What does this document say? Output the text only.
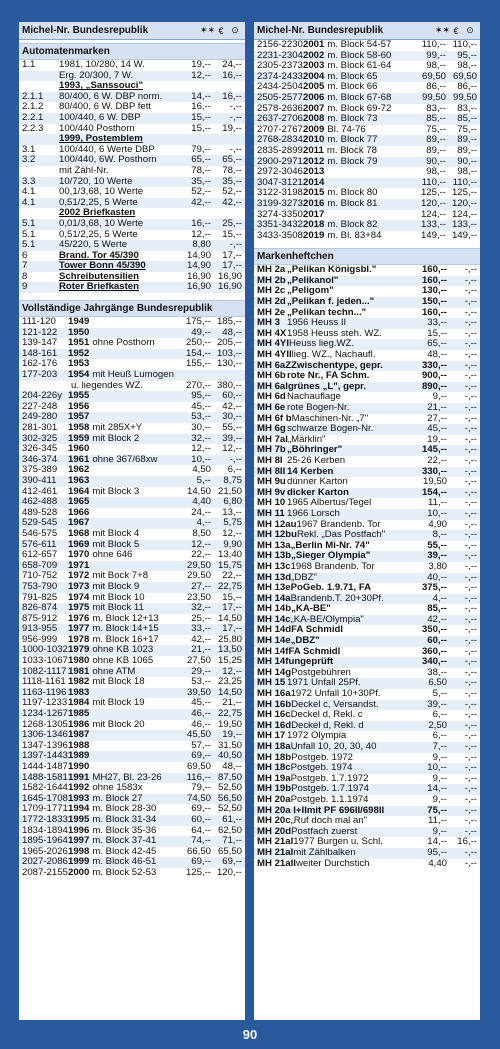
Michel-Nr. Bundesrepublik	✶✶ € ⊙
Automatenmarken
1.1	1981, 10/280, 14 W.	19,--	24,--
Erg. 20/300, 7 W.	12,--	16,--
1993, „Sanssouci"
2.1.1	80/400, 6 W. DBP norm.	14,--	16,--
2.1.2	80/400, 6 W. DBP fett	16,--	-,--
2.2.1	100/440, 6 W. DBP	15,--	-,--
2.2.3	100/440 Posthorn	15,--	19,--
1999, Postemblem
3.1	100/440, 6 Werte DBP	79,--	-,--
3.2	100/440, 6W. Posthorn	65,--	65,--
mit Zähl-Nr.	78,--	78,--
3.3	10/720, 10 Werte	35,--	35,--
4.1	00,1/3,68, 10 Werte	52,--	52,--
4.1	0,51/2,25, 5 Werte	42,--	42,--
2002 Briefkasten
5.1	0,01/3,68, 10 Werte	16,--	25,--
5.1	0,51/2,25, 5 Werte	12,--	15,--
5.1	45/220, 5 Werte	8,80	-,--
6	Brand. Tor 45/390	14,90	17,--
7	Tower Bonn 45/390	14,90	17,--
8	Schreibutensilien	16,90 16,90
9	Roter Briefkasten	16,90 16,90
Vollständige Jahrgänge Bundesrepublik
111-120	1949	175,-- 185,--
121-122	1950	49,--	48,--
139-147	1951 ohne Posthorn	250,-- 205,--
148-161	1952	154,-- 103,--
162-176	1953	155,-- 130,--
177-203	1954 mit Heuß Lumogen
u. liegendes WZ.	270,-- 380,--
204-226y 1955	95,--	60,--
227-248	1956	45,--	42,--
249-280	1957	53,--	30,--
281-301	1958 mit 285X+Y	30,--	55,--
302-325	1959 mit Block 2	32,--	39,--
326-345	1960	12,--	12,--
346-374	1961 ohne 367/68xw	10,--	-,--
375-389	1962	4,50	6,--
390-411	1963	5,--	8,75
412-461	1964 mit Block 3	14,50 21,50
462-488	1965	4,40	6,80
489-528	1966	24,--	13,--
529-545	1967	4,--	5,75
546-575	1968 mit Block 4	8,50	12,--
576-611	1969 mit Block 5	12,--	9,90
612-657	1970 ohne 646	22,-- 13,40
658-709	1971	29,50 15,75
710-752	1972 mit Bock 7+8	29,50	22,--
753-790	1973 mit Block 9	27,-- 22,75
791-825	1974 mit Block 10	23,50	15,--
826-874	1975 mit Block 11	32,--	17,--
875-912	1976 m. Block 12+13	25,-- 14,50
913-955	1977 m. Block 14+15	33,--	17,--
956-999	1978 m. Block 16+17	42,-- 25,80
1000-1032 1979 ohne KB 1023	21,-- 13,50
1033-1067 1980 ohne KB 1065	27,50 15,25
1082-1117 1981 ohne ATM	29,--	12,--
1118-1161 1982 mit Block 18	53,-- 23,25
1163-1196 1983	39,50 14,50
1197-1233 1984 mit Block 19	45,--	21,--
1234-1267 1985	46,-- 22,75
1268-1305 1986 mit Block 20	46,-- 19,50
1306-1346 1987	45,50	19,--
1347-1396 1988	57,-- 31,50
1397-1443 1989	69,-- 40,50
1444-1487 1990	69,50	48,--
1488-1581 1991 MH27, Bl. 23-26	116,-- 87,50
1582-1644 1992 ohne 1583x	79,-- 52,50
1645-1708 1993 m. Block 27	74,50 56,50
1709-1771 1994 m. Block 28-30	69,-- 52,50
1772-1833 1995 m. Block 31-34	60,--	61,--
1834-1894 1996 m. Block 35-36	64,-- 62,50
1895-1964 1997 m. Block 37-41	74,--	71,--
1965-2026 1998 m. Block 42-45	66,50 65,50
2027-2086 1999 m. Block 46-51	69,--	69,--
2087-2155 2000 m. Block 52-53	125,-- 120,--
Michel-Nr. Bundesrepublik	✶✶ € ⊙
2156-2230 2001 m. Block 54-57	110,-- 110,--
2231-2304 2002 m. Block 58-60	99,--	95,--
2305-2373 2003 m. Block 61-64	98,--	98,--
2374-2433 2004 m. Block 65	69,50 69,50
2434-2504 2005 m. Block 66	86,--	86,--
2505-2577 2006 m. Block 67-68	99,50 99,50
2578-2636 2007 m. Block 69-72	83,--	83,--
2637-2706 2008 m. Block 73	85,--	85,--
2707-2767 2009 Bl. 74-76	75,--	75,--
2768-2834 2010 m. Block 77	89,--	89,--
2835-2899 2011 m. Block 78	89,--	89,--
2900-2971 2012 m. Block 79	90,--	90,--
2972-3046 2013	98,--	98,--
3047-3121 2014	110,-- 110,--
3122-3198 2015 m. Block 80	125,-- 125,--
3199-3273 2016 m. Block 81	120,-- 120,--
3274-3350 2017	124,-- 124,--
3351-3432 2018 m. Block 82	133,-- 133,--
3433-3508 2019 m. Bl. 83+84	149,-- 149,--
Markenheftchen
MH 2a „Pelikan Königsbl."	160,--	-,--
MH 2b „Pelikanol"	160,--	-,--
MH 2c „Peligom"	130,--	-,--
MH 2d „Pelikan f. jeden..."	150,--	-,--
MH 2e „Pelikan techn..."	160,--	-,--
MH 3 1956 Heuss II	33,--	-,--
MH 4X 1958 Heuss steh. WZ.	15,--	-,--
MH 4YI Heuss lieg.WZ.	65,--	-,--
MH 4YII lieg. WZ., Nachaufl.	48,--	-,--
MH 6aZ Zwischentype, gepr.	330,--	-,--
MH 6b rote Nr., FA Schm.	900,--	-,--
MH 6aI grünes „L", gepr.	890,--	-,--
MH 6d Nachauflage	9,--	-,--
MH 6e rote Bogen-Nr.	21,--	-,--
MH 6f b Maschinen-Nr. „7"	27,--	-,--
MH 6g schwarze Bogen-Nr.	45,--	-,--
MH 7aI „Märklin"	19,--	-,--
MH 7b „Böhringer"	145,--	-,--
MH 8I 25-26 Kerben	22,--	-,--
MH 8II 14 Kerben	330,--	-,--
MH 9u dünner Karton	19,50	-,--
MH 9v dicker Karton	154,--	-,--
MH 10 1965 Albertus/Tegel	11,--	-,--
MH 11 1966 Lorsch	10,--	-,--
MH 12au 1967 Brandenb. Tor	4,90	-,--
MH 12bu Rekl. „Das Postfach"	8,--	-,--
MH 13a „Berlin Mi-Nr. 74"	55,--	-,--
MH 13b „Sieger Olympia"	39,--	-,--
MH 13c 1968 Brandenb. Tor	3,80	-,--
MH 13d „DBZ"	40,--	-,--
MH 13e PoGeb. 1.9.71, FA	375,--	-,--
MH 14a Brandenb.T. 20+30Pf.	4,--	-,--
MH 14b „KA-BE"	85,--	-,--
MH 14c „KA-BE/Olympia"	42,--	-,--
MH 14d FA Schmidl	350,--	-,--
MH 14e „DBZ"	60,--	-,--
MH 14f FA Schmidl	360,--	-,--
MH 14f ungeprüft	340,--	-,--
MH 14g Postgebühren	38,--	-,--
MH 15 1971 Unfall 25Pf.	6,50	-,--
MH 16a 1972 Unfall 10+30Pf.	5,--	-,--
MH 16b Deckel c, Versandst.	39,--	-,--
MH 16c Deckel d, Rekl. c	6,--	-,--
MH 16d Deckel d, Rekl. d	2,50	-,--
MH 17 1972 Olympia	6,--	-,--
MH 18a Unfall 10, 20, 30, 40	7,--	-,--
MH 18b Postgeb. 1972	9,--	-,--
MH 18c Postgeb. 1974	10,--	-,--
MH 19a Postgeb. 1.7.1972	9,--	-,--
MH 19b Postgeb. 1.7.1974	14,--	-,--
MH 20a Postgeb. 1.1.1974	9,--	-,--
MH 20a I+II mit PF 696II/698II	75,--	-,--
MH 20c „Ruf doch mal an"	11,--	-,--
MH 20d Postfach zuerst	9,--	-,--
MH 21aI 1977 Burgen u. Schl.	14,--	16,--
MH 21aI mit Zählbalken	95,--	-,--
MH 21aII weiter Durchstich	4,40	-,--
90
